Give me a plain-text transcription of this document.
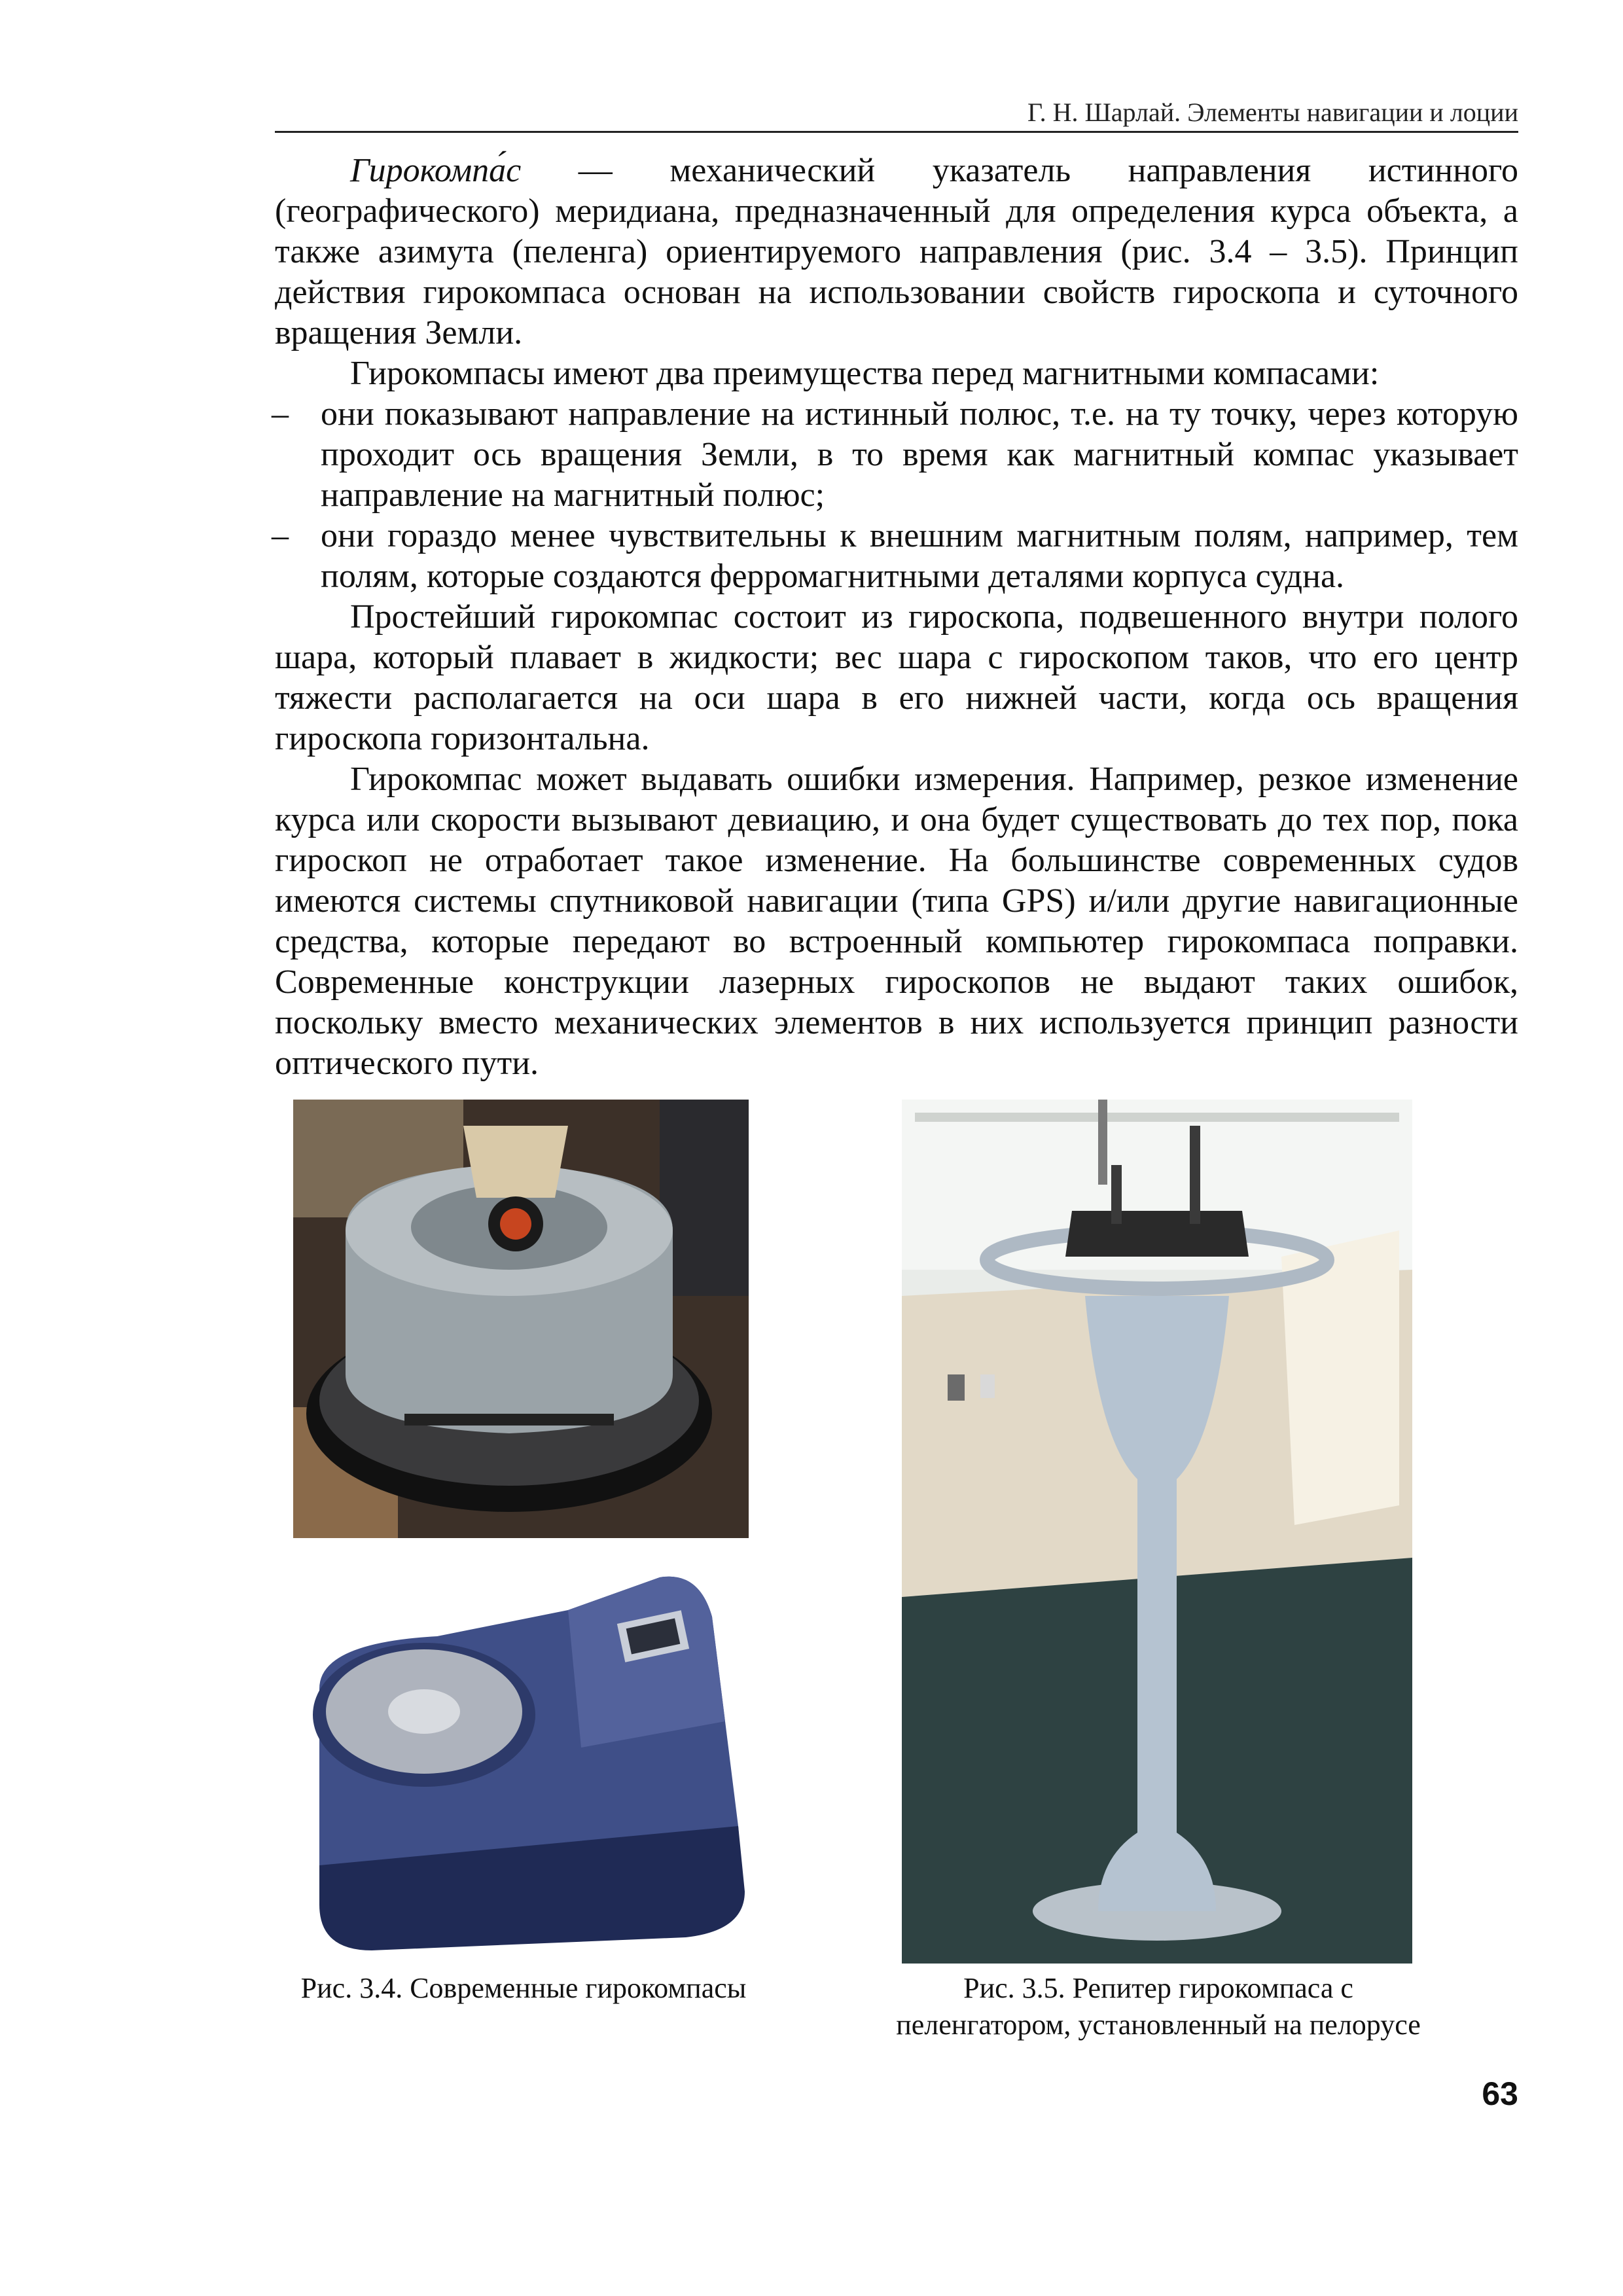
Г. Н. Шарлай. Элементы навигации и лоции

Гирокомпа́с — механический указатель направления истинного (географического) меридиана, предназначенный для определения курса объекта, а также азимута (пеленга) ориентируемого направления (рис. 3.4 – 3.5). Принцип действия гирокомпаса основан на использовании свойств гироскопа и суточного вращения Земли.

Гирокомпасы имеют два преимущества перед магнитными компасами:

– они показывают направление на истинный полюс, т.е. на ту точку, через которую проходит ось вращения Земли, в то время как магнитный компас указывает направление на магнитный полюс;
– они гораздо менее чувствительны к внешним магнитным полям, например, тем полям, которые создаются ферромагнитными деталями корпуса судна.

Простейший гирокомпас состоит из гироскопа, подвешенного внутри полого шара, который плавает в жидкости; вес шара с гироскопом таков, что его центр тяжести располагается на оси шара в его нижней части, когда ось вращения гироскопа горизонтальна.

Гирокомпас может выдавать ошибки измерения. Например, резкое изменение курса или скорости вызывают девиацию, и она будет существовать до тех пор, пока гироскоп не отработает такое изменение. На большинстве современных судов имеются системы спутниковой навигации (типа GPS) и/или другие навигационные средства, которые передают во встроенный компьютер гирокомпаса поправки. Современные конструкции лазерных гироскопов не выдают таких ошибок, поскольку вместо механических элементов в них используется принцип разности оптического пути.

Рис. 3.4. Современные гирокомпасы	Рис. 3.5. Репитер гирокомпаса с
пеленгатором, установленный на пелорусе
63
